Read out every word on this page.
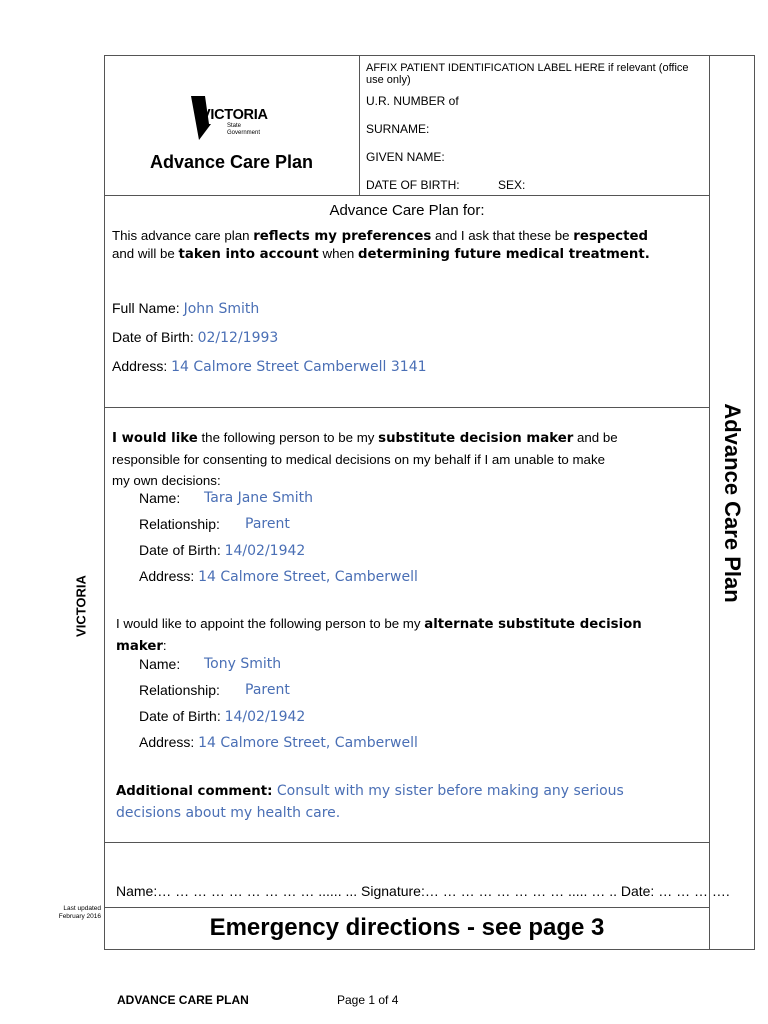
VICTORIA
State
Government
Advance Care Plan
AFFIX PATIENT IDENTIFICATION LABEL HERE if relevant (office use only)
U.R. NUMBER of
SURNAME:
GIVEN NAME:
DATE OF BIRTH:	SEX:
Advance Care Plan for:
This advance care plan reflects my preferences and I ask that these be respected
and will be taken into account when determining future medical treatment.
Full Name: John Smith
Date of Birth: 02/12/1993
Address: 14 Calmore Street Camberwell 3141
I would like the following person to be my substitute decision maker and be
responsible for consenting to medical decisions on my behalf if I am unable to make
my own decisions:
Name: Tara Jane Smith
Relationship: Parent
Date of Birth: 14/02/1942
Address: 14 Calmore Street, Camberwell
I would like to appoint the following person to be my alternate substitute decision
maker:
Name: Tony Smith
Relationship: Parent
Date of Birth: 14/02/1942
Address: 14 Calmore Street, Camberwell
Additional comment: Consult with my sister before making any serious
decisions about my health care.
Name:… … … … … … … … … ...... ... Signature:… … … … … … … … ..... … .. Date: … … … ….
Emergency directions - see page 3
Advance Care Plan
VICTORIA
Last updated
February 2016
ADVANCE CARE PLAN	Page 1 of 4
